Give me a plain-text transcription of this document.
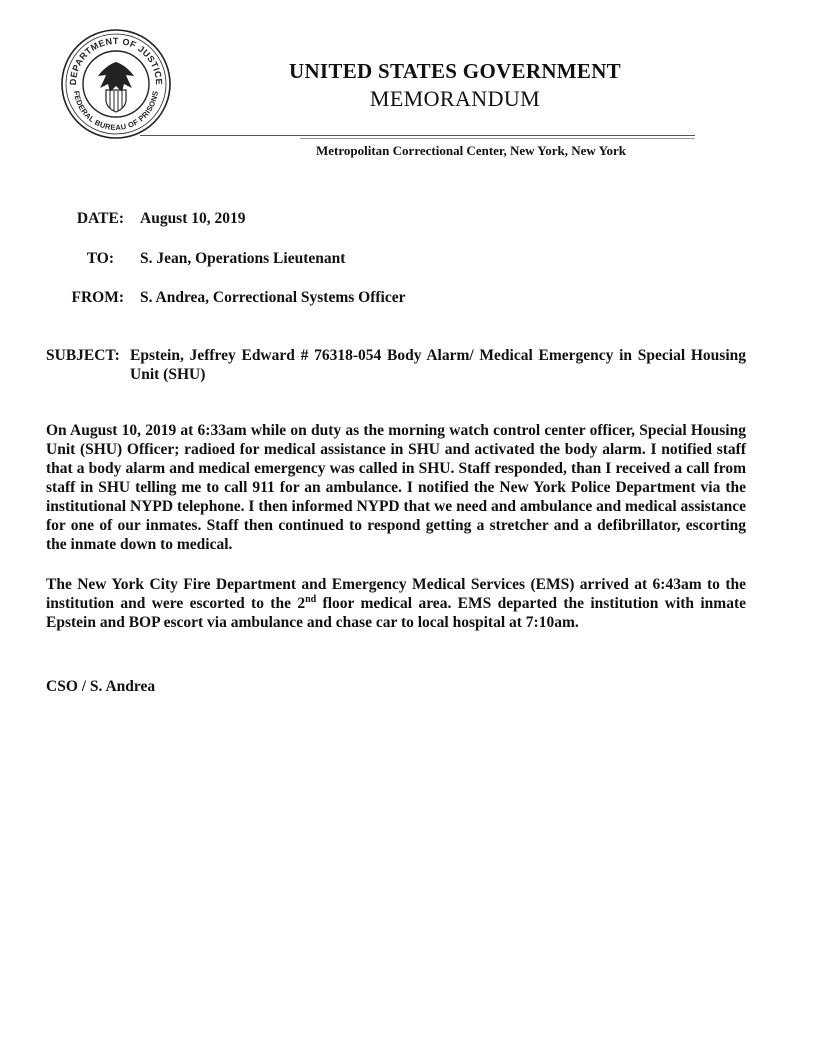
DEPARTMENT OF JUSTICE
FEDERAL BUREAU OF PRISONS
UNITED STATES GOVERNMENT
MEMORANDUM
Metropolitan Correctional Center, New York, New York
DATE: August 10, 2019
TO: S. Jean, Operations Lieutenant
FROM: S. Andrea, Correctional Systems Officer
SUBJECT: Epstein, Jeffrey Edward # 76318-054 Body Alarm/ Medical Emergency in Special Housing Unit (SHU)

On August 10, 2019 at 6:33am while on duty as the morning watch control center officer, Special Housing Unit (SHU) Officer; radioed for medical assistance in SHU and activated the body alarm. I notified staff that a body alarm and medical emergency was called in SHU. Staff responded, than I received a call from staff in SHU telling me to call 911 for an ambulance. I notified the New York Police Department via the institutional NYPD telephone. I then informed NYPD that we need and ambulance and medical assistance for one of our inmates. Staff then continued to respond getting a stretcher and a defibrillator, escorting the inmate down to medical.

The New York City Fire Department and Emergency Medical Services (EMS) arrived at 6:43am to the institution and were escorted to the 2nd floor medical area. EMS departed the institution with inmate Epstein and BOP escort via ambulance and chase car to local hospital at 7:10am.

CSO / S. Andrea
